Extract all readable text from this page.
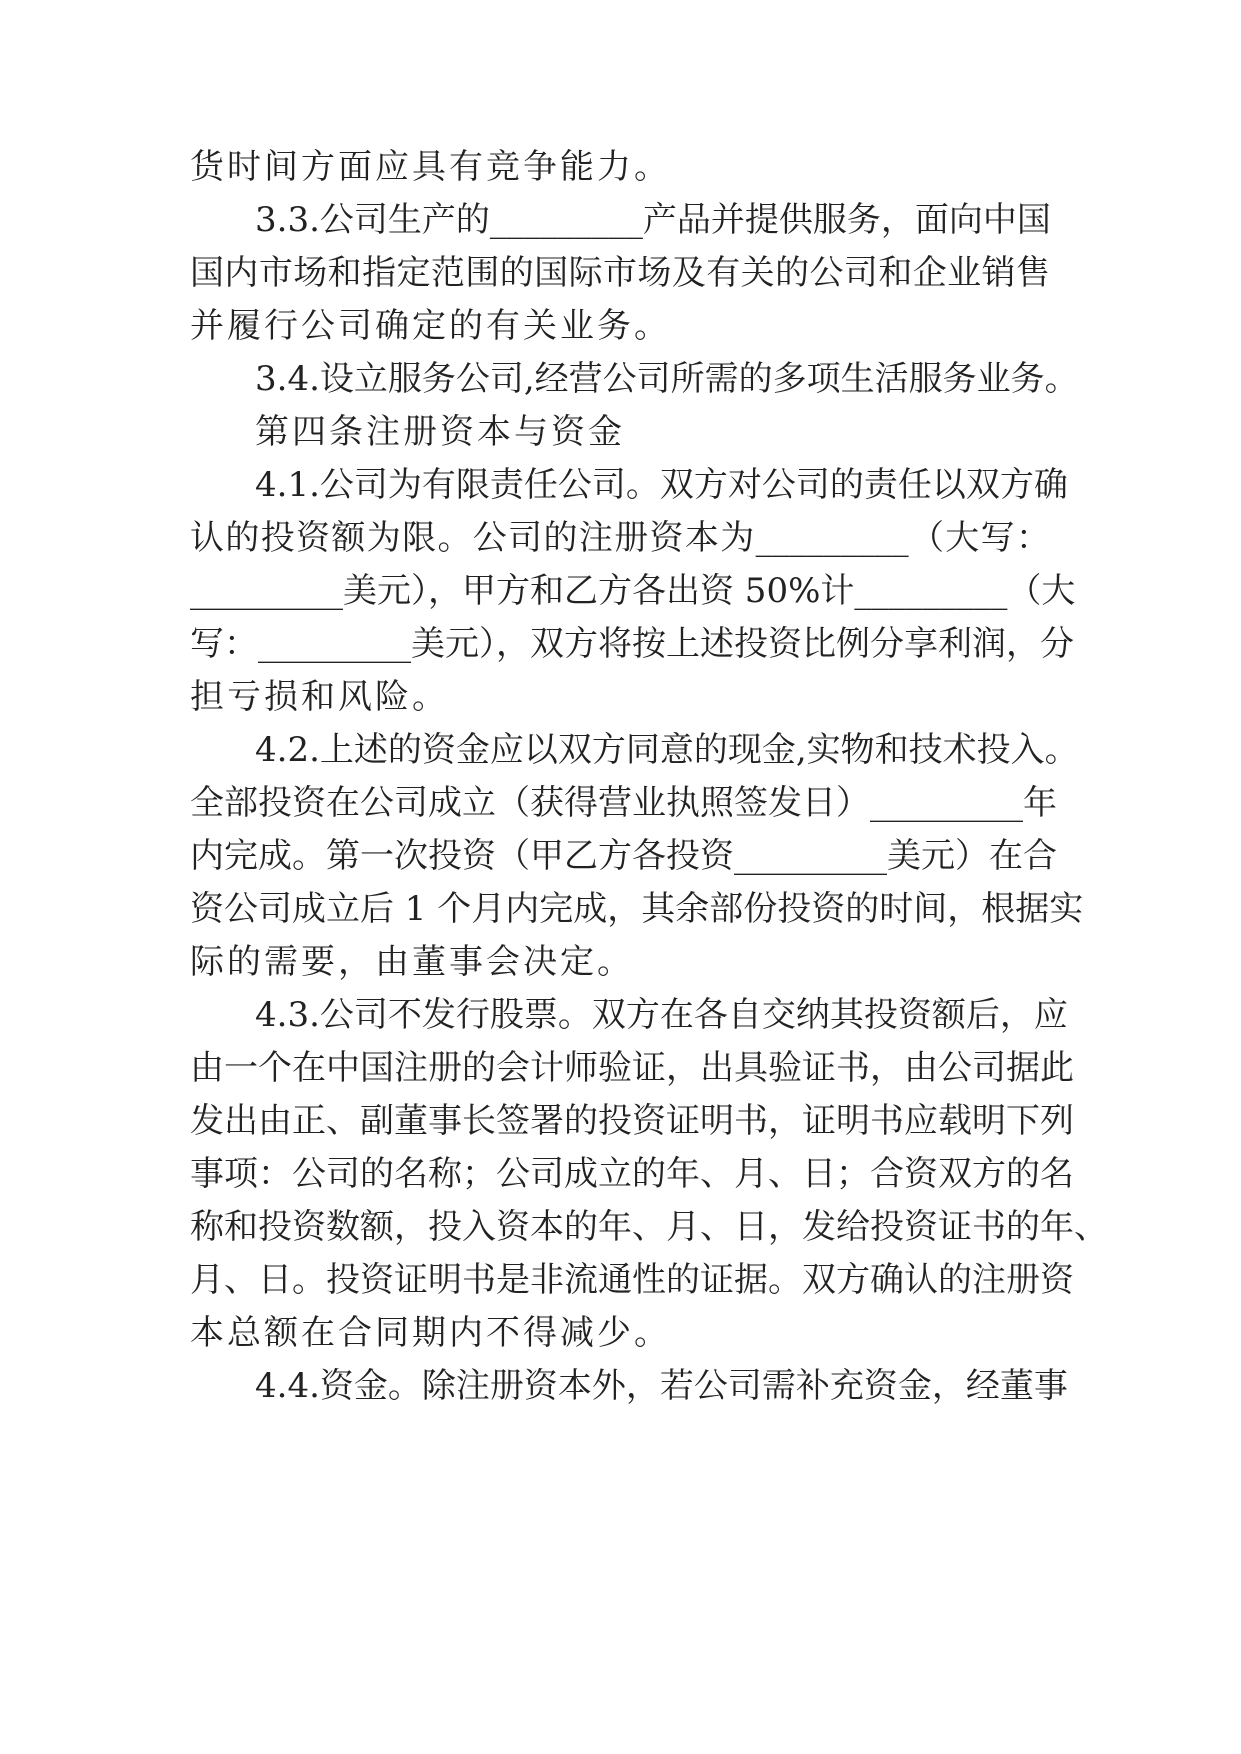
货时间方面应具有竞争能力。
3.3.公司生产的_________产品并提供服务，面向中国
国内市场和指定范围的国际市场及有关的公司和企业销售
并履行公司确定的有关业务。
3.4.设立服务公司,经营公司所需的多项生活服务业务。
第四条注册资本与资金
4.1.公司为有限责任公司。双方对公司的责任以双方确
认的投资额为限。公司的注册资本为_________（大写：
_________美元），甲方和乙方各出资 50%计_________（大
写：_________美元），双方将按上述投资比例分享利润，分
担亏损和风险。
4.2.上述的资金应以双方同意的现金,实物和技术投入。
全部投资在公司成立（获得营业执照签发日）_________年
内完成。第一次投资（甲乙方各投资_________美元）在合
资公司成立后 1 个月内完成，其余部份投资的时间，根据实
际的需要，由董事会决定。
4.3.公司不发行股票。双方在各自交纳其投资额后，应
由一个在中国注册的会计师验证，出具验证书，由公司据此
发出由正、副董事长签署的投资证明书，证明书应载明下列
事项：公司的名称；公司成立的年、月、日；合资双方的名
称和投资数额，投入资本的年、月、日，发给投资证书的年、
月、日。投资证明书是非流通性的证据。双方确认的注册资
本总额在合同期内不得减少。
4.4.资金。除注册资本外，若公司需补充资金，经董事
